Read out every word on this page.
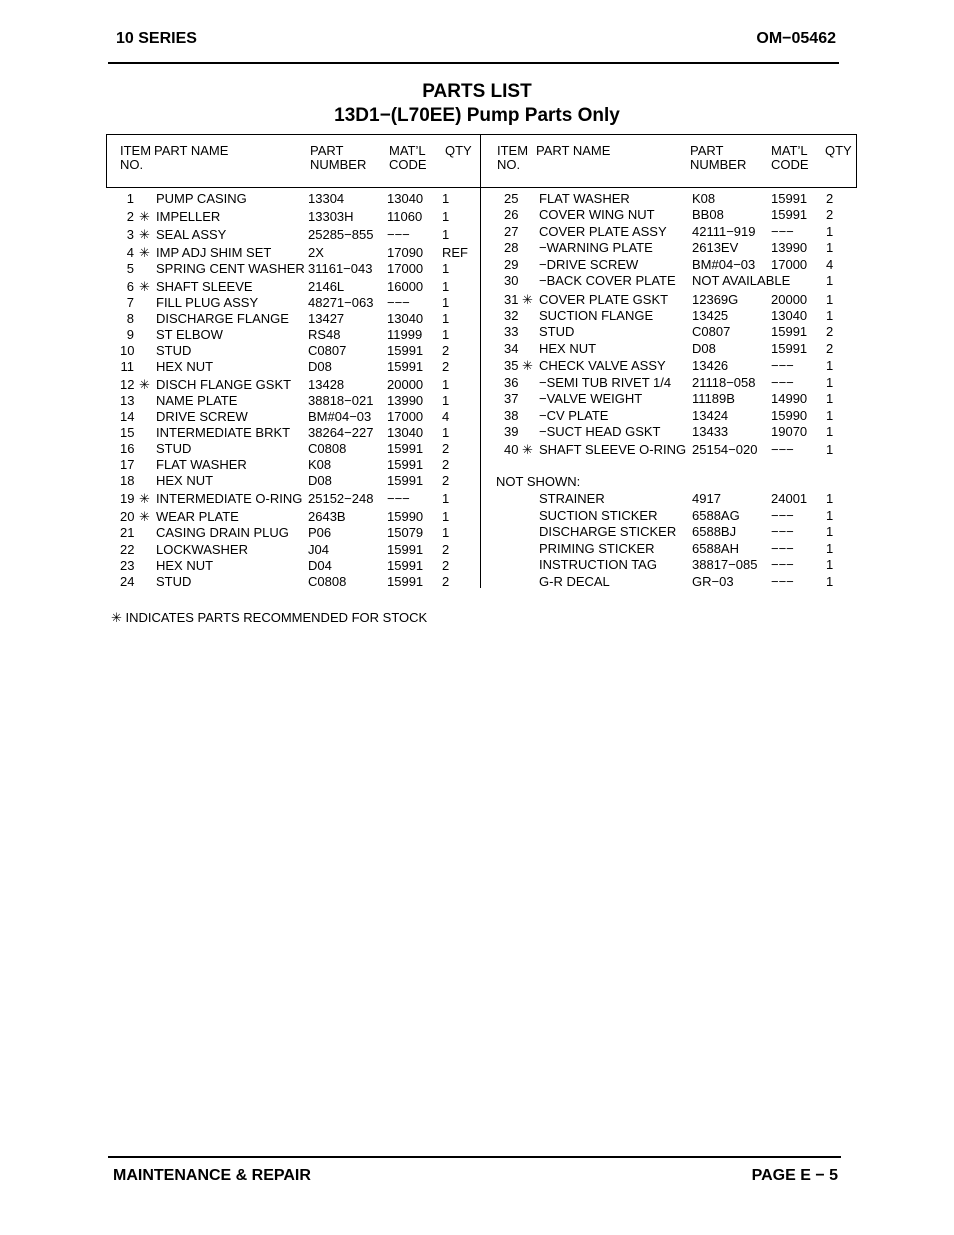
10 SERIES	OM−05462
PARTS LIST
13D1−(L70EE) Pump Parts Only
ITEM
NO.
PART NAME	PART
NUMBER
MAT’L
CODE
QTY ITEM
NO.
PART NAME	PART
NUMBER
MAT’L
CODE
QTY
1 PUMP CASING	13304	13040 1
2 ✳ IMPELLER	13303H	11060 1
3 ✳ SEAL ASSY	25285−855 −−− 1
4 ✳ IMP ADJ SHIM SET	2X	17090 REF
5 SPRING CENT WASHER 31161−043 17000 1
6 ✳ SHAFT SLEEVE	2146L	16000 1
7 FILL PLUG ASSY	48271−063 −−− 1
8 DISCHARGE FLANGE 13427	13040 1
9 ST ELBOW	RS48	11999 1
10 STUD	C0807	15991 2
11 HEX NUT	D08	15991 2
12 ✳ DISCH FLANGE GSKT 13428	20000 1
13 NAME PLATE	38818−021 13990 1
14 DRIVE SCREW	BM#04−03 17000 4
15 INTERMEDIATE BRKT 38264−227 13040 1
16 STUD	C0808	15991 2
17 FLAT WASHER	K08	15991 2
18 HEX NUT	D08	15991 2
19 ✳ INTERMEDIATE O-RING 25152−248 −−− 1
20 ✳ WEAR PLATE	2643B	15990 1
21 CASING DRAIN PLUG P06	15079 1
22 LOCKWASHER	J04	15991 2
23 HEX NUT	D04	15991 2
24 STUD	C0808	15991 2
25 FLAT WASHER	K08	15991 2
26 COVER WING NUT	BB08	15991 2
27 COVER PLATE ASSY 42111−919 −−− 1
28 −WARNING PLATE	2613EV	13990 1
29 −DRIVE SCREW	BM#04−03 17000 4
30 −BACK COVER PLATE NOT AVAILABLE	1
31 ✳ COVER PLATE GSKT 12369G	20000 1
32 SUCTION FLANGE	13425	13040 1
33 STUD	C0807	15991 2
34 HEX NUT	D08	15991 2
35 ✳ CHECK VALVE ASSY 13426	−−− 1
36 −SEMI TUB RIVET 1/4 21118−058 −−− 1
37 −VALVE WEIGHT	11189B	14990 1
38 −CV PLATE	13424	15990 1
39 −SUCT HEAD GSKT 13433	19070 1
40 ✳ SHAFT SLEEVE O-RING 25154−020 −−− 1
STRAINER	4917	24001 1
SUCTION STICKER	6588AG −−− 1
DISCHARGE STICKER 6588BJ	−−− 1
PRIMING STICKER	6588AH −−− 1
INSTRUCTION TAG	38817−085 −−− 1
G-R DECAL	GR−03	−−− 1
NOT SHOWN:
✳ INDICATES PARTS RECOMMENDED FOR STOCK
MAINTENANCE & REPAIR	PAGE E − 5
